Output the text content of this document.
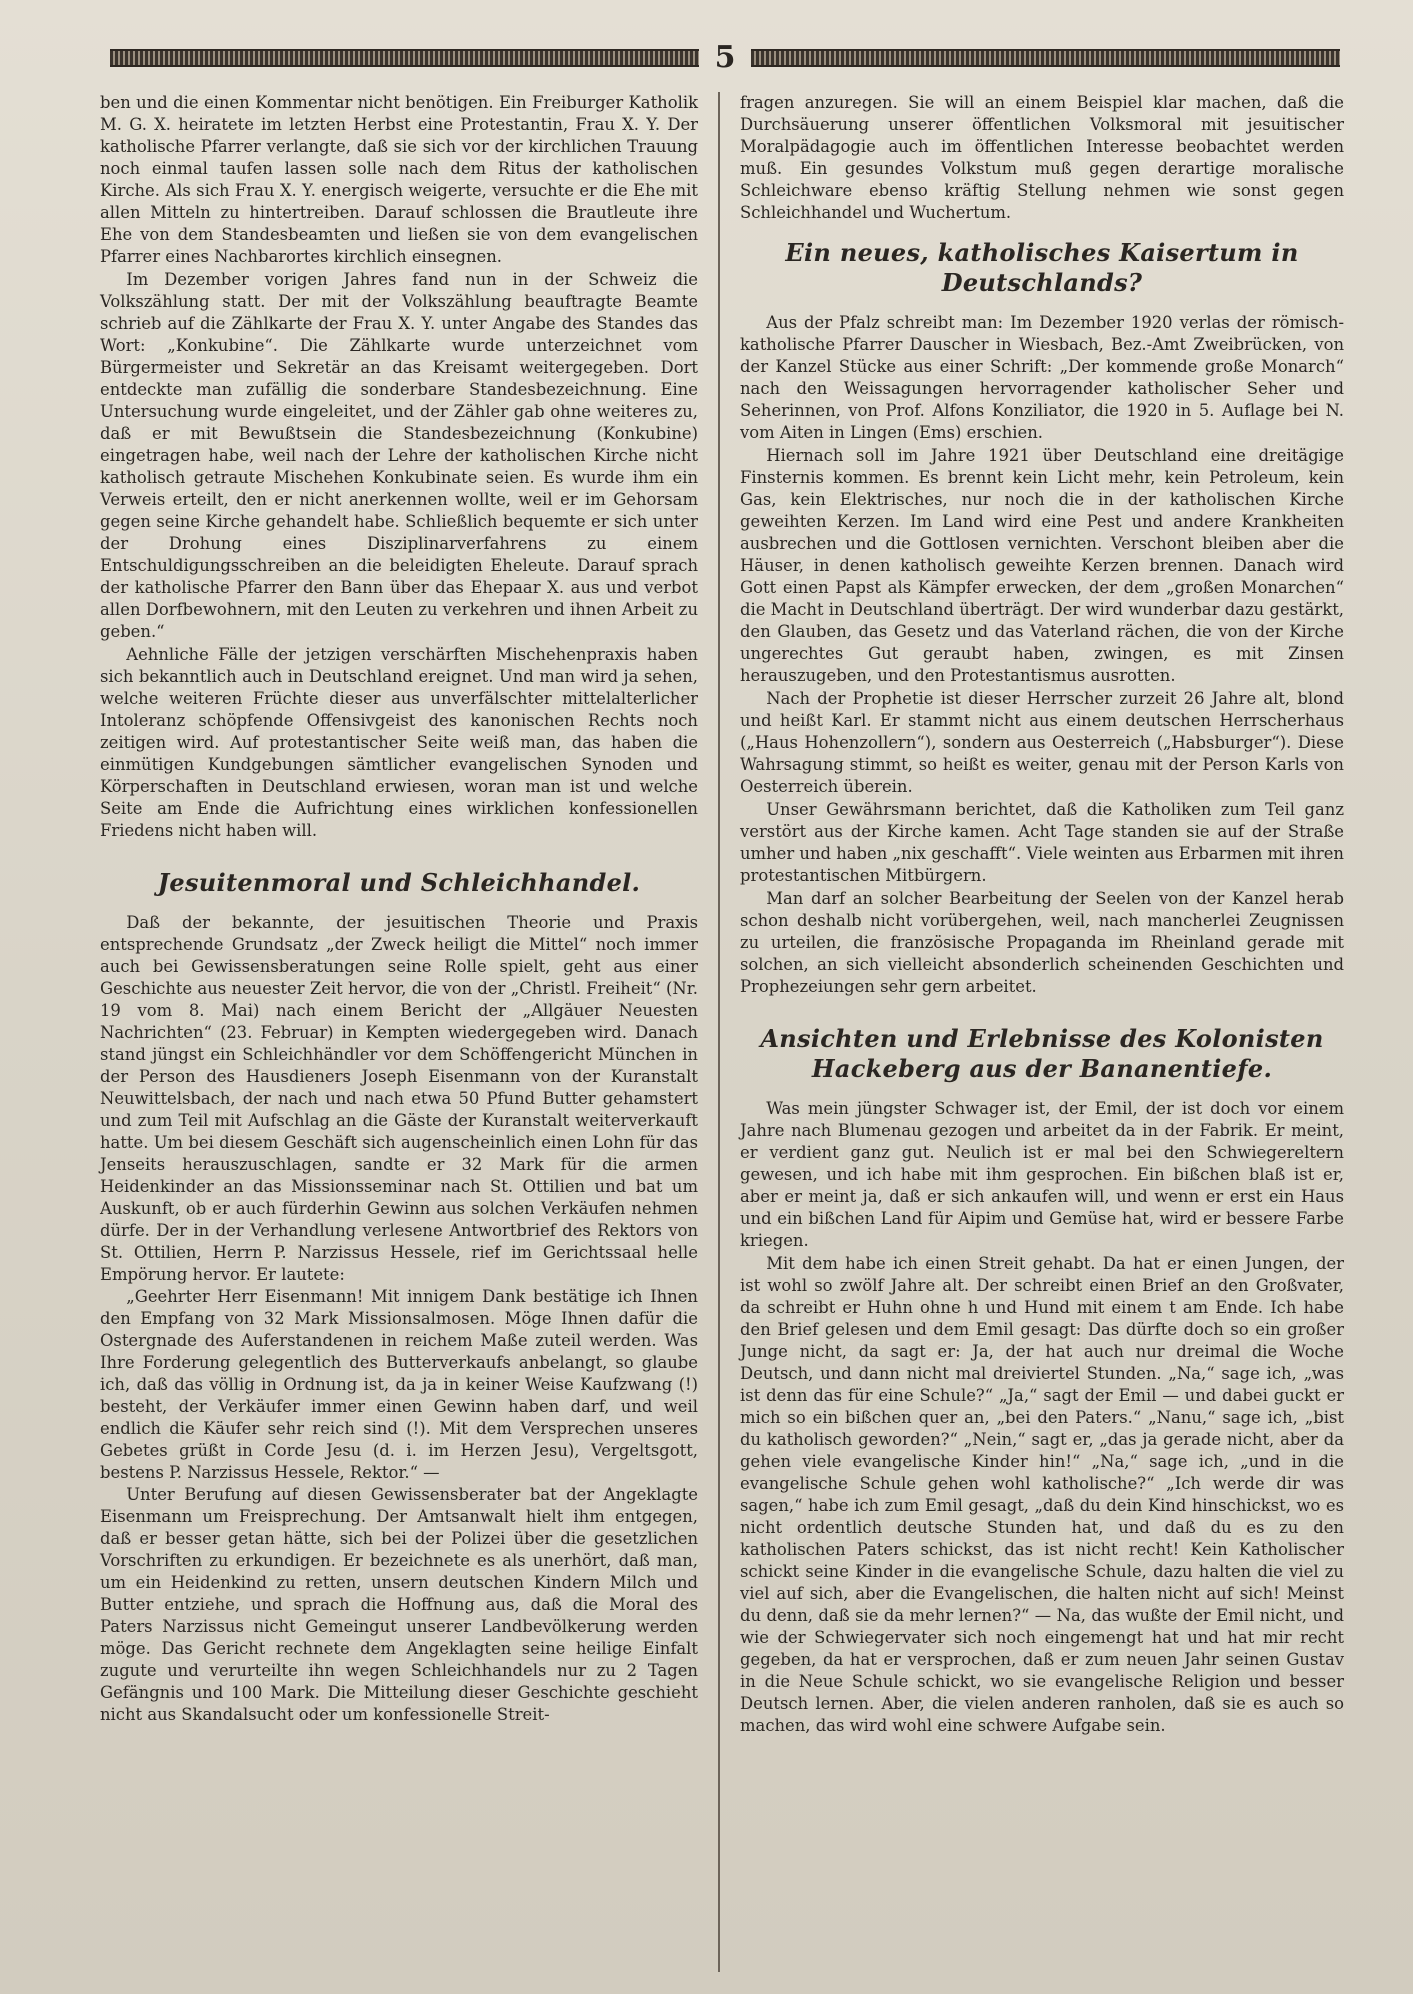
5

ben und die einen Kommentar nicht benötigen. Ein Freiburger Katholik M. G. X. heiratete im letzten Herbst eine Protestantin, Frau X. Y. Der katholische Pfarrer verlangte, daß sie sich vor der kirchlichen Trauung noch einmal taufen lassen solle nach dem Ritus der katholischen Kirche. Als sich Frau X. Y. energisch weigerte, versuchte er die Ehe mit allen Mitteln zu hintertreiben. Darauf schlossen die Brautleute ihre Ehe von dem Standesbeamten und ließen sie von dem evangelischen Pfarrer eines Nachbarortes kirchlich einsegnen.

Im Dezember vorigen Jahres fand nun in der Schweiz die Volkszählung statt. Der mit der Volkszählung beauftragte Beamte schrieb auf die Zählkarte der Frau X. Y. unter Angabe des Standes das Wort: „Konkubine“. Die Zählkarte wurde unterzeichnet vom Bürgermeister und Sekretär an das Kreisamt weitergegeben. Dort entdeckte man zufällig die sonderbare Standesbezeichnung. Eine Untersuchung wurde eingeleitet, und der Zähler gab ohne weiteres zu, daß er mit Bewußtsein die Standesbezeichnung (Konkubine) eingetragen habe, weil nach der Lehre der katholischen Kirche nicht katholisch getraute Mischehen Konkubinate seien. Es wurde ihm ein Verweis erteilt, den er nicht anerkennen wollte, weil er im Gehorsam gegen seine Kirche gehandelt habe. Schließlich bequemte er sich unter der Drohung eines Disziplinarverfahrens zu einem Entschuldigungsschreiben an die beleidigten Eheleute. Darauf sprach der katholische Pfarrer den Bann über das Ehepaar X. aus und verbot allen Dorfbewohnern, mit den Leuten zu verkehren und ihnen Arbeit zu geben.“

Aehnliche Fälle der jetzigen verschärften Mischehenpraxis haben sich bekanntlich auch in Deutschland ereignet. Und man wird ja sehen, welche weiteren Früchte dieser aus unverfälschter mittelalterlicher Intoleranz schöpfende Offensivgeist des kanonischen Rechts noch zeitigen wird. Auf protestantischer Seite weiß man, das haben die einmütigen Kundgebungen sämtlicher evangelischen Synoden und Körperschaften in Deutschland erwiesen, woran man ist und welche Seite am Ende die Aufrichtung eines wirklichen konfessionellen Friedens nicht haben will.

Jesuitenmoral und Schleichhandel.

Daß der bekannte, der jesuitischen Theorie und Praxis entsprechende Grundsatz „der Zweck heiligt die Mittel“ noch immer auch bei Gewissensberatungen seine Rolle spielt, geht aus einer Geschichte aus neuester Zeit hervor, die von der „Christl. Freiheit“ (Nr. 19 vom 8. Mai) nach einem Bericht der „Allgäuer Neuesten Nachrichten“ (23. Februar) in Kempten wiedergegeben wird. Danach stand jüngst ein Schleichhändler vor dem Schöffengericht München in der Person des Hausdieners Joseph Eisenmann von der Kuranstalt Neuwittelsbach, der nach und nach etwa 50 Pfund Butter gehamstert und zum Teil mit Aufschlag an die Gäste der Kuranstalt weiterverkauft hatte. Um bei diesem Geschäft sich augenscheinlich einen Lohn für das Jenseits herauszuschlagen, sandte er 32 Mark für die armen Heidenkinder an das Missionsseminar nach St. Ottilien und bat um Auskunft, ob er auch fürderhin Gewinn aus solchen Verkäufen nehmen dürfe. Der in der Verhandlung verlesene Antwortbrief des Rektors von St. Ottilien, Herrn P. Narzissus Hessele, rief im Gerichtssaal helle Empörung hervor. Er lautete:

„Geehrter Herr Eisenmann! Mit innigem Dank bestätige ich Ihnen den Empfang von 32 Mark Missionsalmosen. Möge Ihnen dafür die Ostergnade des Auferstandenen in reichem Maße zuteil werden. Was Ihre Forderung gelegentlich des Butterverkaufs anbelangt, so glaube ich, daß das völlig in Ordnung ist, da ja in keiner Weise Kaufzwang (!) besteht, der Verkäufer immer einen Gewinn haben darf, und weil endlich die Käufer sehr reich sind (!). Mit dem Versprechen unseres Gebetes grüßt in Corde Jesu (d. i. im Herzen Jesu), Vergeltsgott, bestens P. Narzissus Hessele, Rektor.“ —

Unter Berufung auf diesen Gewissensberater bat der Angeklagte Eisenmann um Freisprechung. Der Amtsanwalt hielt ihm entgegen, daß er besser getan hätte, sich bei der Polizei über die gesetzlichen Vorschriften zu erkundigen. Er bezeichnete es als unerhört, daß man, um ein Heidenkind zu retten, unsern deutschen Kindern Milch und Butter entziehe, und sprach die Hoffnung aus, daß die Moral des Paters Narzissus nicht Gemeingut unserer Landbevölkerung werden möge. Das Gericht rechnete dem Angeklagten seine heilige Einfalt zugute und verurteilte ihn wegen Schleichhandels nur zu 2 Tagen Gefängnis und 100 Mark. Die Mitteilung dieser Geschichte geschieht nicht aus Skandalsucht oder um konfessionelle Streit-

fragen anzuregen. Sie will an einem Beispiel klar machen, daß die Durchsäuerung unserer öffentlichen Volksmoral mit jesuitischer Moralpädagogie auch im öffentlichen Interesse beobachtet werden muß. Ein gesundes Volkstum muß gegen derartige moralische Schleichware ebenso kräftig Stellung nehmen wie sonst gegen Schleichhandel und Wuchertum.

Ein neues, katholisches Kaisertum in Deutschlands?

Aus der Pfalz schreibt man: Im Dezember 1920 verlas der römisch-katholische Pfarrer Dauscher in Wiesbach, Bez.-Amt Zweibrücken, von der Kanzel Stücke aus einer Schrift: „Der kommende große Monarch“ nach den Weissagungen hervorragender katholischer Seher und Seherinnen, von Prof. Alfons Konziliator, die 1920 in 5. Auflage bei N. vom Aiten in Lingen (Ems) erschien.

Hiernach soll im Jahre 1921 über Deutschland eine dreitägige Finsternis kommen. Es brennt kein Licht mehr, kein Petroleum, kein Gas, kein Elektrisches, nur noch die in der katholischen Kirche geweihten Kerzen. Im Land wird eine Pest und andere Krankheiten ausbrechen und die Gottlosen vernichten. Verschont bleiben aber die Häuser, in denen katholisch geweihte Kerzen brennen. Danach wird Gott einen Papst als Kämpfer erwecken, der dem „großen Monarchen“ die Macht in Deutschland überträgt. Der wird wunderbar dazu gestärkt, den Glauben, das Gesetz und das Vaterland rächen, die von der Kirche ungerechtes Gut geraubt haben, zwingen, es mit Zinsen herauszugeben, und den Protestantismus ausrotten.

Nach der Prophetie ist dieser Herrscher zurzeit 26 Jahre alt, blond und heißt Karl. Er stammt nicht aus einem deutschen Herrscherhaus („Haus Hohenzollern“), sondern aus Oesterreich („Habsburger“). Diese Wahrsagung stimmt, so heißt es weiter, genau mit der Person Karls von Oesterreich überein.

Unser Gewährsmann berichtet, daß die Katholiken zum Teil ganz verstört aus der Kirche kamen. Acht Tage standen sie auf der Straße umher und haben „nix geschafft“. Viele weinten aus Erbarmen mit ihren protestantischen Mitbürgern.

Man darf an solcher Bearbeitung der Seelen von der Kanzel herab schon deshalb nicht vorübergehen, weil, nach mancherlei Zeugnissen zu urteilen, die französische Propaganda im Rheinland gerade mit solchen, an sich vielleicht absonderlich scheinenden Geschichten und Prophezeiungen sehr gern arbeitet.

Ansichten und Erlebnisse des Kolonisten Hackeberg aus der Bananentiefe.

Was mein jüngster Schwager ist, der Emil, der ist doch vor einem Jahre nach Blumenau gezogen und arbeitet da in der Fabrik. Er meint, er verdient ganz gut. Neulich ist er mal bei den Schwiegereltern gewesen, und ich habe mit ihm gesprochen. Ein bißchen blaß ist er, aber er meint ja, daß er sich ankaufen will, und wenn er erst ein Haus und ein bißchen Land für Aipim und Gemüse hat, wird er bessere Farbe kriegen.

Mit dem habe ich einen Streit gehabt. Da hat er einen Jungen, der ist wohl so zwölf Jahre alt. Der schreibt einen Brief an den Großvater, da schreibt er Huhn ohne h und Hund mit einem t am Ende. Ich habe den Brief gelesen und dem Emil gesagt: Das dürfte doch so ein großer Junge nicht, da sagt er: Ja, der hat auch nur dreimal die Woche Deutsch, und dann nicht mal dreiviertel Stunden. „Na,“ sage ich, „was ist denn das für eine Schule?“ „Ja,“ sagt der Emil — und dabei guckt er mich so ein bißchen quer an, „bei den Paters.“ „Nanu,“ sage ich, „bist du katholisch geworden?“ „Nein,“ sagt er, „das ja gerade nicht, aber da gehen viele evangelische Kinder hin!“ „Na,“ sage ich, „und in die evangelische Schule gehen wohl katholische?“ „Ich werde dir was sagen,“ habe ich zum Emil gesagt, „daß du dein Kind hinschickst, wo es nicht ordentlich deutsche Stunden hat, und daß du es zu den katholischen Paters schickst, das ist nicht recht! Kein Katholischer schickt seine Kinder in die evangelische Schule, dazu halten die viel zu viel auf sich, aber die Evangelischen, die halten nicht auf sich! Meinst du denn, daß sie da mehr lernen?“ — Na, das wußte der Emil nicht, und wie der Schwiegervater sich noch eingemengt hat und hat mir recht gegeben, da hat er versprochen, daß er zum neuen Jahr seinen Gustav in die Neue Schule schickt, wo sie evangelische Religion und besser Deutsch lernen. Aber, die vielen anderen ranholen, daß sie es auch so machen, das wird wohl eine schwere Aufgabe sein.
